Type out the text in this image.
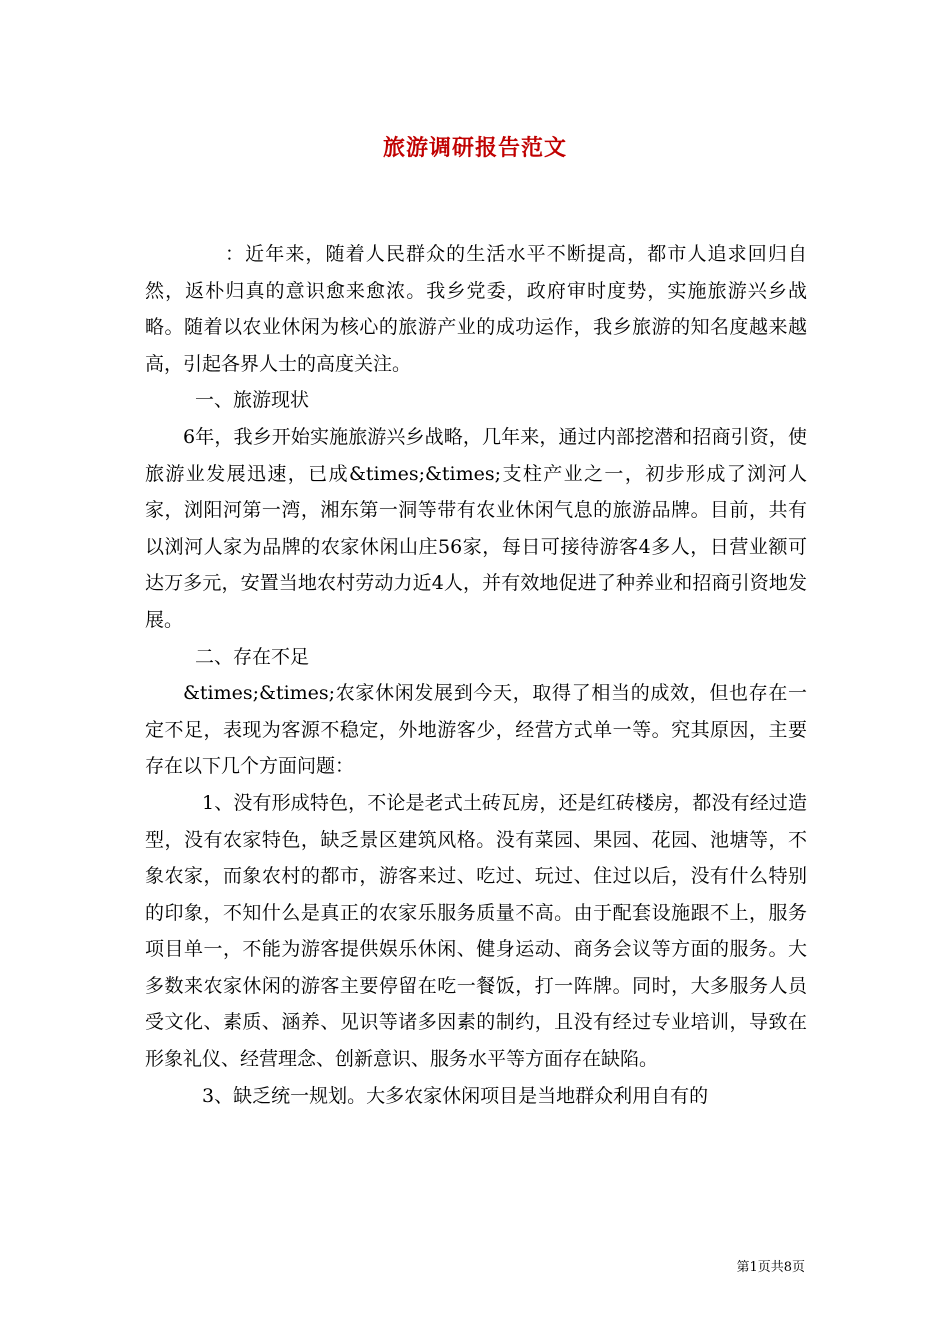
旅游调研报告范文

：近年来，随着人民群众的生活水平不断提高，都市人追求回归自然，返朴归真的意识愈来愈浓。我乡党委，政府审时度势，实施旅游兴乡战略。随着以农业休闲为核心的旅游产业的成功运作，我乡旅游的知名度越来越高，引起各界人士的高度关注。

一、旅游现状

6年，我乡开始实施旅游兴乡战略，几年来，通过内部挖潜和招商引资，使旅游业发展迅速，已成&times;&times;支柱产业之一，初步形成了浏河人家，浏阳河第一湾，湘东第一洞等带有农业休闲气息的旅游品牌。目前，共有以浏河人家为品牌的农家休闲山庄56家，每日可接待游客4多人，日营业额可达万多元，安置当地农村劳动力近4人，并有效地促进了种养业和招商引资地发展。

二、存在不足

&times;&times;农家休闲发展到今天，取得了相当的成效，但也存在一定不足，表现为客源不稳定，外地游客少，经营方式单一等。究其原因，主要存在以下几个方面问题：

1、没有形成特色，不论是老式土砖瓦房，还是红砖楼房，都没有经过造型，没有农家特色，缺乏景区建筑风格。没有菜园、果园、花园、池塘等，不象农家，而象农村的都市，游客来过、吃过、玩过、住过以后，没有什么特别的印象，不知什么是真正的农家乐服务质量不高。由于配套设施跟不上，服务项目单一，不能为游客提供娱乐休闲、健身运动、商务会议等方面的服务。大多数来农家休闲的游客主要停留在吃一餐饭，打一阵牌。同时，大多服务人员受文化、素质、涵养、见识等诸多因素的制约，且没有经过专业培训，导致在形象礼仪、经营理念、创新意识、服务水平等方面存在缺陷。

3、缺乏统一规划。大多农家休闲项目是当地群众利用自有的

第1页共8页
